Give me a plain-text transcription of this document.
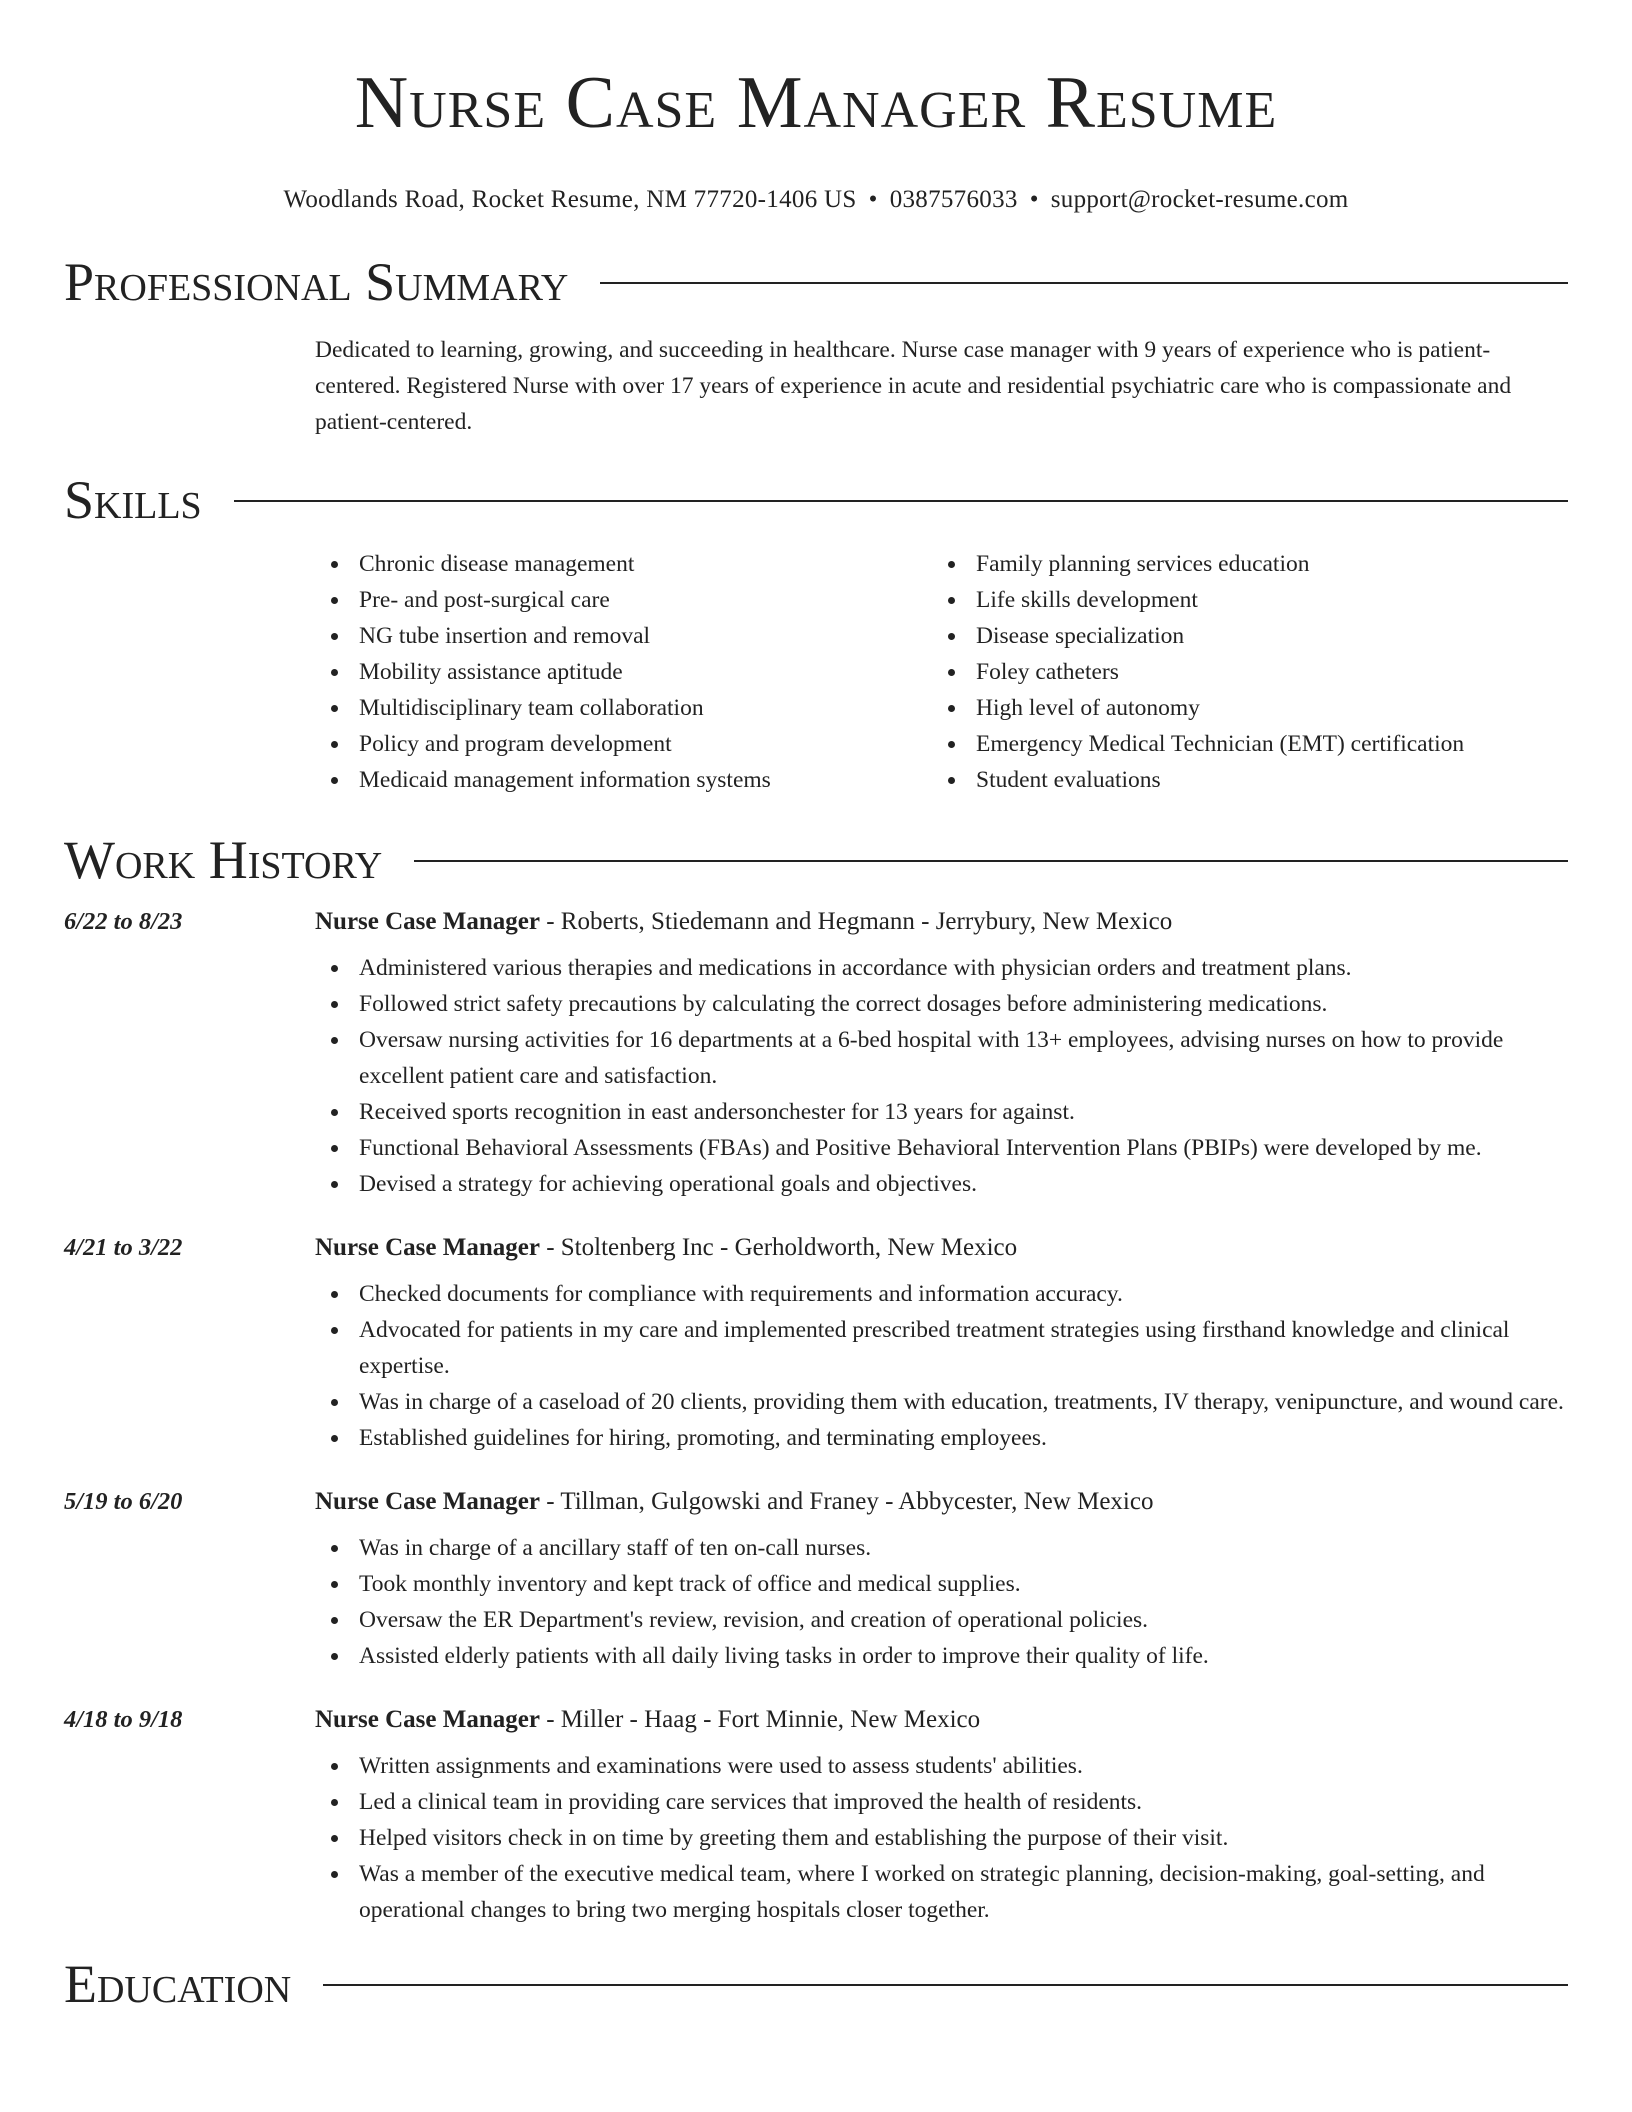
Nurse Case Manager Resume
Woodlands Road, Rocket Resume, NM 77720-1406 US • 0387576033 • support@rocket-resume.com
Professional Summary
Dedicated to learning, growing, and succeeding in healthcare. Nurse case manager with 9 years of experience who is patient-centered. Registered Nurse with over 17 years of experience in acute and residential psychiatric care who is compassionate and patient-centered.
Skills
Chronic disease management
Pre- and post-surgical care
NG tube insertion and removal
Mobility assistance aptitude
Multidisciplinary team collaboration
Policy and program development
Medicaid management information systems
Family planning services education
Life skills development
Disease specialization
Foley catheters
High level of autonomy
Emergency Medical Technician (EMT) certification
Student evaluations
Work History
6/22 to 8/23	Nurse Case Manager - Roberts, Stiedemann and Hegmann - Jerrybury, New Mexico
Administered various therapies and medications in accordance with physician orders and treatment plans.
Followed strict safety precautions by calculating the correct dosages before administering medications.
Oversaw nursing activities for 16 departments at a 6-bed hospital with 13+ employees, advising nurses on how to provide excellent patient care and satisfaction.
Received sports recognition in east andersonchester for 13 years for against.
Functional Behavioral Assessments (FBAs) and Positive Behavioral Intervention Plans (PBIPs) were developed by me.
Devised a strategy for achieving operational goals and objectives.
4/21 to 3/22	Nurse Case Manager - Stoltenberg Inc - Gerholdworth, New Mexico
Checked documents for compliance with requirements and information accuracy.
Advocated for patients in my care and implemented prescribed treatment strategies using firsthand knowledge and clinical expertise.
Was in charge of a caseload of 20 clients, providing them with education, treatments, IV therapy, venipuncture, and wound care.
Established guidelines for hiring, promoting, and terminating employees.
5/19 to 6/20	Nurse Case Manager - Tillman, Gulgowski and Franey - Abbycester, New Mexico
Was in charge of a ancillary staff of ten on-call nurses.
Took monthly inventory and kept track of office and medical supplies.
Oversaw the ER Department's review, revision, and creation of operational policies.
Assisted elderly patients with all daily living tasks in order to improve their quality of life.
4/18 to 9/18	Nurse Case Manager - Miller - Haag - Fort Minnie, New Mexico
Written assignments and examinations were used to assess students' abilities.
Led a clinical team in providing care services that improved the health of residents.
Helped visitors check in on time by greeting them and establishing the purpose of their visit.
Was a member of the executive medical team, where I worked on strategic planning, decision-making, goal-setting, and operational changes to bring two merging hospitals closer together.
Education
